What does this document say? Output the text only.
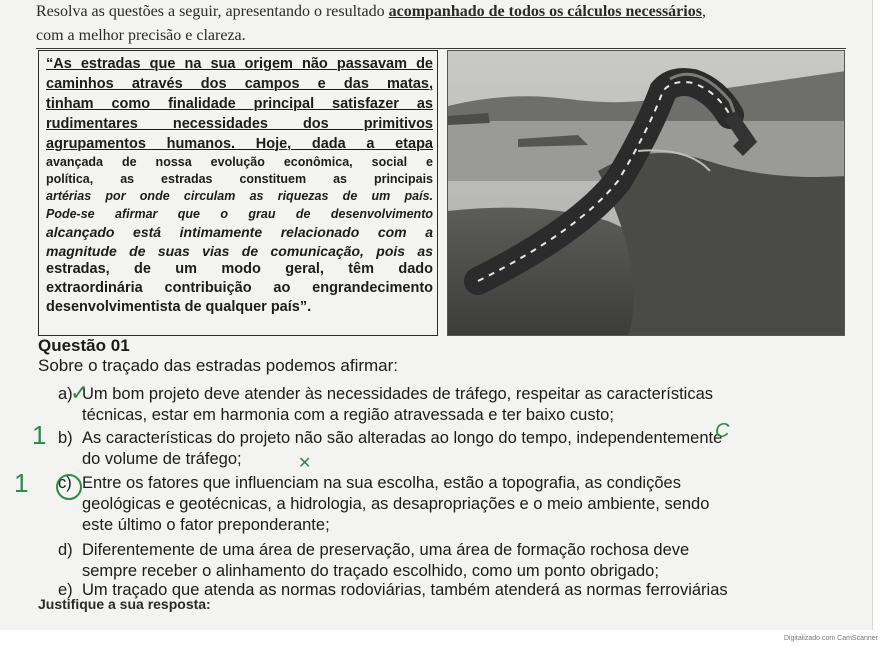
Resolva as questões a seguir, apresentando o resultado acompanhado de todos os cálculos necessários,
com a melhor precisão e clareza.
“As estradas que na sua origem não passavam de
caminhos através dos campos e das matas,
tinham como finalidade principal satisfazer as
rudimentares necessidades dos primitivos
agrupamentos humanos. Hoje, dada a etapa
avançada de nossa evolução econômica, social e
política, as estradas constituem as principais
artérias por onde circulam as riquezas de um país.
Pode-se afirmar que o grau de desenvolvimento
alcançado está intimamente relacionado com a
magnitude de suas vias de comunicação, pois as
estradas, de um modo geral, têm dado
extraordinária contribuição ao engrandecimento
desenvolvimentista de qualquer país”.
Questão 01
Sobre o traçado das estradas podemos afirmar:
a) Um bom projeto deve atender às necessidades de tráfego, respeitar as características
técnicas, estar em harmonia com a região atravessada e ter baixo custo;
b) As características do projeto não são alteradas ao longo do tempo, independentemente
do volume de tráfego;
c) Entre os fatores que influenciam na sua escolha, estão a topografia, as condições
geológicas e geotécnicas, a hidrologia, as desapropriações e o meio ambiente, sendo
este último o fator preponderante;
d) Diferentemente de uma área de preservação, uma área de formação rochosa deve
sempre receber o alinhamento do traçado escolhido, como um ponto obrigado;
e) Um traçado que atenda as normas rodoviárias, também atenderá as normas ferroviárias
Justifique a sua resposta:
1
1
✓
C
✕
Digitalizado com CamScanner
